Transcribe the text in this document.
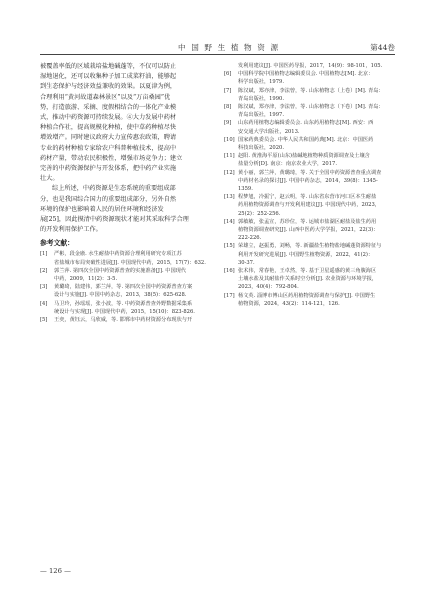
中 国 野 生 植 物 资 源	第44卷

被覆盖率低的区域栽培盐地碱蓬等，不仅可以防止
湿地退化，还可以收集种子加工成菜籽油，能够起
到生态保护与经济效益兼收的效果。以夏津为例，
合理利用“黄河故道森林景区”以及“万亩桑园”优
势，打造旅游、采摘、度假相结合的一体化产业模
式，推动中药资源可持续发展。④大力发展中药材
种植合作社，提高规模化种植，使中草药种植尽快
增效增产。同时建议政府大力宣传惠农政策，聘请
专业的药材种植专家给农户科普种植技术，提高中
药材产量，带动农民积极性，增强市场竞争力；建立
完善的中药资源保护与开发体系，把中药产业实施
壮大。

综上所述，中药资源是生态系统的重要组成部
分，也是我国综合国力的重要组成部分，另外自然
环境的保护也影响着人民的居住环境和经济发
展[25]，因此摸清中药资源现状才能对其采取科学合理
的开发利用保护工作。

参考文献：
[1] 严彬，段金廒. 水生耐盐中药资源合理利用研究专项江苏
省盐城市布局突破性进展[J]. 中国现代中药，2015，17(7)：632.
[2] 郭兰萍. 第四次全国中药资源普查的实施准备[J]. 中国现代
中药，2009，11(2)：3-5.
[3] 黄璐琦，陆建伟，郭兰萍，等. 第四次全国中药资源普查方案
设计与实施[J]. 中国中药杂志，2013，38(5)：625-628.
[4] 马卫玲，孙瑶瑶，张小波，等. 中药资源普查外野数据采集系
统设计与实现[J]. 中国现代中药，2015，15(10)：823-826.
[5] 王奕，黄钰云，马欣威，等. 邯郸市中药材资源分布现状与开
发利用建议[J]. 中国医药导报，2017，14(9)：98-101，105.
[6] 中国科学院中国植物志编辑委员会. 中国植物志[M]. 北京：
科学出版社，1979.
[7] 陈汉斌，郑亦津，李法曾，等. 山东植物志（上卷）[M]. 青岛：
青岛出版社，1990.
[8] 陈汉斌，郑亦津，李法曾，等. 山东植物志（下卷）[M]. 青岛：
青岛出版社，1997.
[9] 山东药用植物志编辑委员会. 山东药用植物志[M]. 西安：西
安交通大学出版社，2013.
[10] 国家药典委员会. 中华人民共和国药典[M]. 北京：中国医药
科技出版社，2020.
[11] 赵阳. 黄淮海平原(山东)盐碱地植物种质资源调查及土壤含
盐量分析[D]. 南京：南京农业大学，2017.
[12] 黄小丽，郭兰萍，黄璐琦，等. 关于全国中药资源普查重点调查
中药材名录的探讨[J]. 中国中药杂志，2014，39(8)：1345-
1359.
[13] 程梦旭，冷振宁，赵云明，等. 山东省东营市河口区本生耐盐
药用植物资源调查与开发利用建议[J]. 中国现代中药，2023，
25(2)：252-256.
[14] 郭敏敏，张孟宣，苏珍位，等. 运城市盐湖区耐盐及盐生药用
植物资源调查研究[J]. 山西中医药大学学报，2021，22(3)：
222-226.
[15] 荣雄立，赵振勇，刘畅，等. 新疆盐生植物盐地碱蓬资源特征与
利用开发研究进展[J]. 中国野生植物资源，2022，41(2)：
30-37.
[16] 张术伟，常春艳，王卓然，等. 基于卫星遥感的黄三角腹海区
土壤水盐及其耐盐作关系时空分析[J]. 农业资源与环境学报，
2023，40(4)：792-804.
[17] 杨文英. 淄博市博山区药用植物资源调查与保护[J]. 中国野生
植物资源，2024，43(2)：114-121，126.
— 126 —
